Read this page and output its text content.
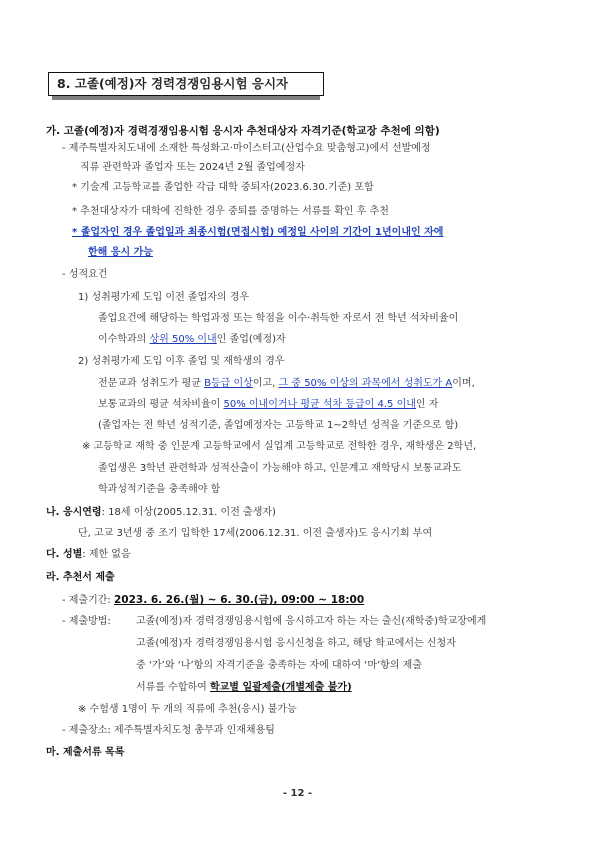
8. 고졸(예정)자 경력경쟁임용시험 응시자
가. 고졸(예정)자 경력경쟁임용시험 응시자 추천대상자 자격기준(학교장 추천에 의함)
- 제주특별자치도내에 소재한 특성화고·마이스터고(산업수요 맞춤형고)에서 선발예정
직류 관련학과 졸업자 또는 2024년 2월 졸업예정자
* 기술계 고등학교를 졸업한 각급 대학 중퇴자(2023.6.30.기준) 포함
* 추천대상자가 대학에 진학한 경우 중퇴를 증명하는 서류를 확인 후 추천
* 졸업자인 경우 졸업일과 최종시험(면접시험) 예정일 사이의 기간이 1년이내인 자에
한해 응시 가능
- 성적요건
1) 성취평가제 도입 이전 졸업자의 경우
졸업요건에 해당하는 학업과정 또는 학점을 이수·취득한 자로서 전 학년 석차비율이
이수학과의 상위 50% 이내인 졸업(예정)자
2) 성취평가제 도입 이후 졸업 및 재학생의 경우
전문교과 성취도가 평균 B등급 이상이고, 그 중 50% 이상의 과목에서 성취도가 A이며,
보통교과의 평균 석차비율이 50% 이내이거나 평균 석차 등급이 4.5 이내인 자
(졸업자는 전 학년 성적기준, 졸업예정자는 고등학교 1~2학년 성적을 기준으로 함)
※ 고등학교 재학 중 인문계 고등학교에서 실업계 고등학교로 전학한 경우, 재학생은 2학년,
졸업생은 3학년 관련학과 성적산출이 가능해야 하고, 인문계고 재학당시 보통교과도
학과성적기준을 충족해야 함
나. 응시연령: 18세 이상(2005.12.31. 이전 출생자)
단, 고교 3년생 중 조기 입학한 17세(2006.12.31. 이전 출생자)도 응시기회 부여
다. 성별: 제한 없음
라. 추천서 제출
- 제출기간: 2023. 6. 26.(월) ~ 6. 30.(금), 09:00 ~ 18:00
- 제출방법:	고졸(예정)자 경력경쟁임용시험에 응시하고자 하는 자는 출신(재학중)학교장에게
고졸(예정)자 경력경쟁임용시험 응시신청을 하고, 해당 학교에서는 신청자
중 ‘가’와 ‘나’항의 자격기준을 충족하는 자에 대하여 ‘마’항의 제출
서류를 수합하여 학교별 일괄제출(개별제출 불가)
※ 수험생 1명이 두 개의 직류에 추천(응시) 불가능
- 제출장소: 제주특별자치도청 총무과 인재채용팀
마. 제출서류 목록
- 12 -
